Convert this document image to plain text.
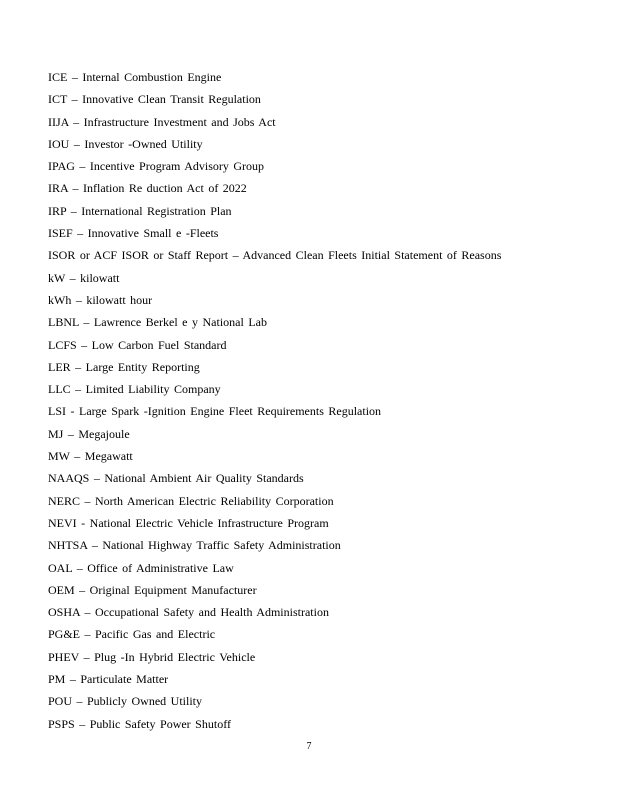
ICE – Internal Combustion Engine
ICT – Innovative Clean Transit Regulation
IIJA – Infrastructure Investment and Jobs Act
IOU – Investor -Owned Utility
IPAG – Incentive Program Advisory Group
IRA – Inflation Re duction Act of 2022
IRP – International Registration Plan
ISEF – Innovative Small e -Fleets
ISOR or ACF ISOR or Staff Report – Advanced Clean Fleets Initial Statement of Reasons
kW – kilowatt
kWh – kilowatt hour
LBNL – Lawrence Berkel e y National Lab
LCFS – Low Carbon Fuel Standard
LER – Large Entity Reporting
LLC – Limited Liability Company
LSI - Large Spark -Ignition Engine Fleet Requirements Regulation
MJ – Megajoule
MW – Megawatt
NAAQS – National Ambient Air Quality Standards
NERC – North American Electric Reliability Corporation
NEVI - National Electric Vehicle Infrastructure Program
NHTSA – National Highway Traffic Safety Administration
OAL – Office of Administrative Law
OEM – Original Equipment Manufacturer
OSHA – Occupational Safety and Health Administration
PG&E – Pacific Gas and Electric
PHEV – Plug -In Hybrid Electric Vehicle
PM – Particulate Matter
POU – Publicly Owned Utility
PSPS – Public Safety Power Shutoff
7
